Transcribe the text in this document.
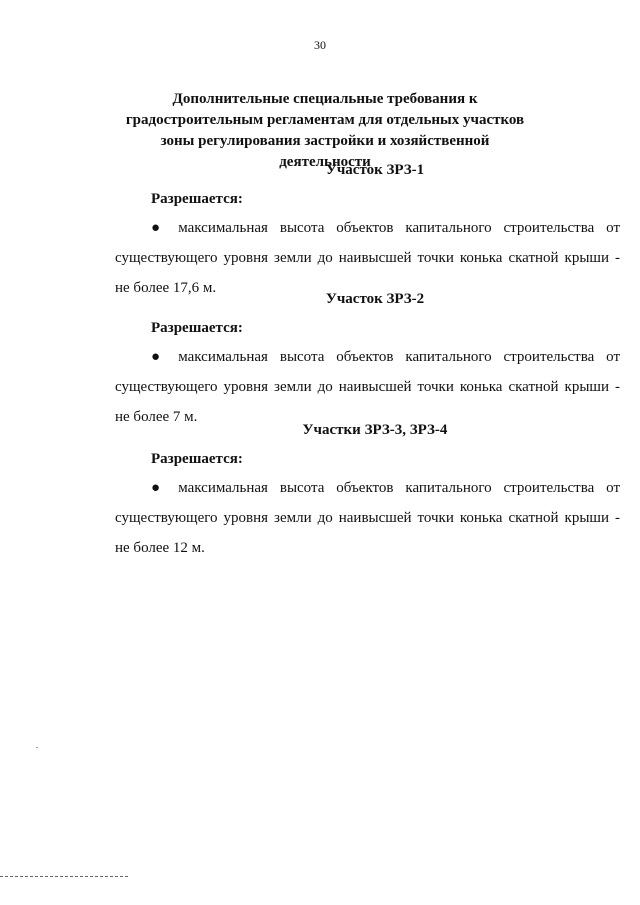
30
Дополнительные специальные требования к градостроительным регламентам для отдельных участков зоны регулирования застройки и хозяйственной деятельности
Участок ЗРЗ-1
Разрешается:
● максимальная высота объектов капитального строительства от
существующего уровня земли до наивысшей точки конька скатной крыши -
не более 17,6 м.
Участок ЗРЗ-2
Разрешается:
● максимальная высота объектов капитального строительства от
существующего уровня земли до наивысшей точки конька скатной крыши -
не более 7 м.
Участки ЗРЗ-3, ЗРЗ-4
Разрешается:
● максимальная высота объектов капитального строительства от
существующего уровня земли до наивысшей точки конька скатной крыши -
не более 12 м.
